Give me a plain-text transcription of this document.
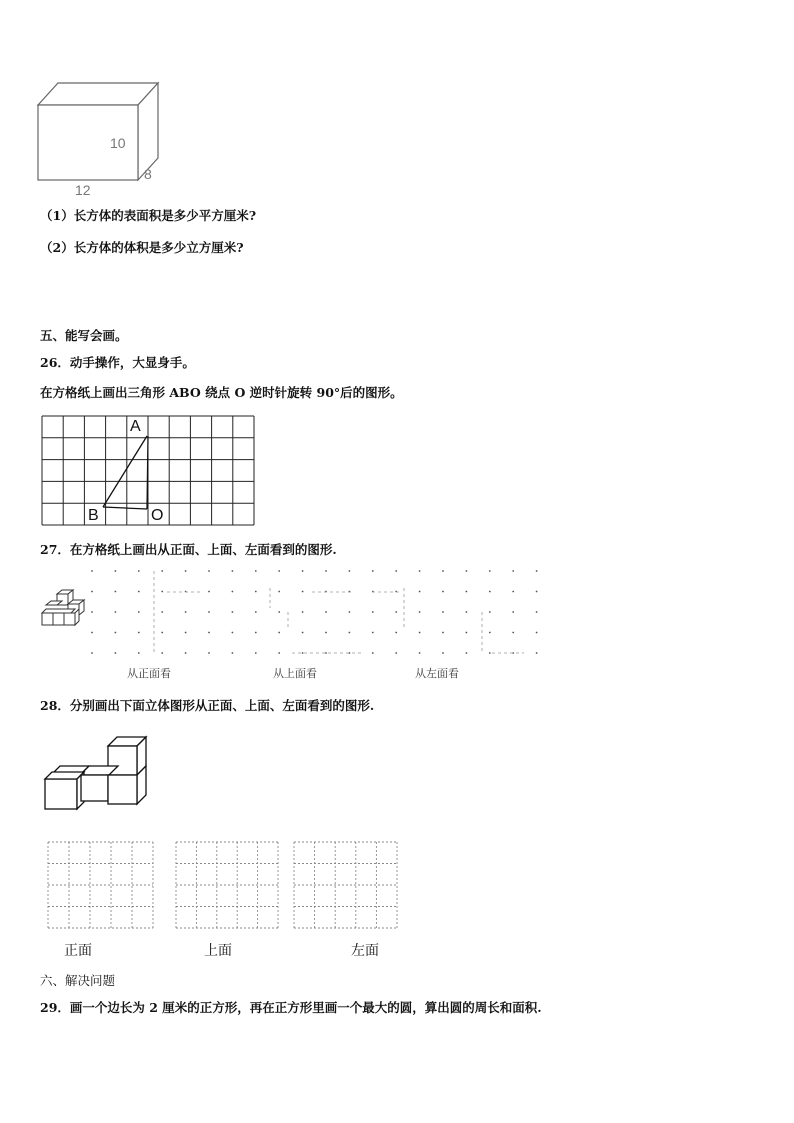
10
12
8
（1）长方体的表面积是多少平方厘米?
（2）长方体的体积是多少立方厘米?
五、能写会画。
26．动手操作，大显身手。
在方格纸上画出三角形 ABO 绕点 O 逆时针旋转 90°后的图形。
A
B	O
27．在方格纸上画出从正面、上面、左面看到的图形.
从正面看	从上面看	从左面看
28．分别画出下面立体图形从正面、上面、左面看到的图形.
正面	上面	左面
六、解决问题
29．画一个边长为 2 厘米的正方形，再在正方形里画一个最大的圆，算出圆的周长和面积.
